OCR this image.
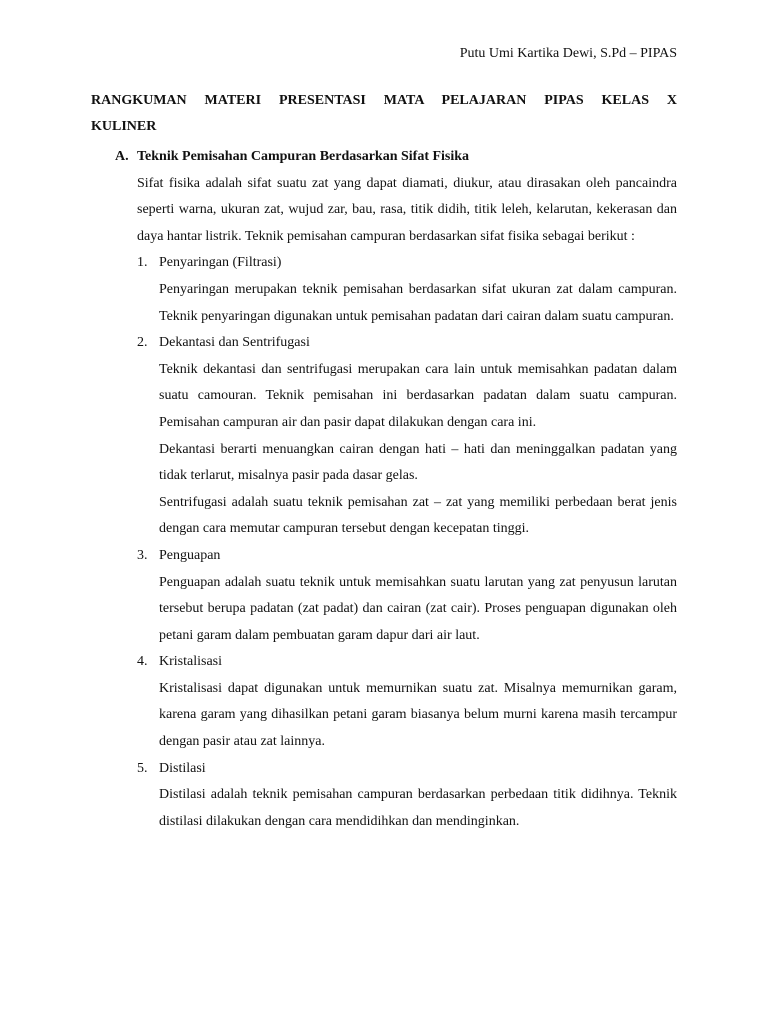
Putu Umi Kartika Dewi, S.Pd – PIPAS
RANGKUMAN MATERI PRESENTASI MATA PELAJARAN PIPAS KELAS X KULINER
A. Teknik Pemisahan Campuran Berdasarkan Sifat Fisika
Sifat fisika adalah sifat suatu zat yang dapat diamati, diukur, atau dirasakan oleh pancaindra seperti warna, ukuran zat, wujud zar, bau, rasa, titik didih, titik leleh, kelarutan, kekerasan dan daya hantar listrik. Teknik pemisahan campuran berdasarkan sifat fisika sebagai berikut :
1. Penyaringan (Filtrasi)
Penyaringan merupakan teknik pemisahan berdasarkan sifat ukuran zat dalam campuran. Teknik penyaringan digunakan untuk pemisahan padatan dari cairan dalam suatu campuran.
2. Dekantasi dan Sentrifugasi
Teknik dekantasi dan sentrifugasi merupakan cara lain untuk memisahkan padatan dalam suatu camouran. Teknik pemisahan ini berdasarkan padatan dalam suatu campuran. Pemisahan campuran air dan pasir dapat dilakukan dengan cara ini.
Dekantasi berarti menuangkan cairan dengan hati – hati dan meninggalkan padatan yang tidak terlarut, misalnya pasir pada dasar gelas.
Sentrifugasi adalah suatu teknik pemisahan zat – zat yang memiliki perbedaan berat jenis dengan cara memutar campuran tersebut dengan kecepatan tinggi.
3. Penguapan
Penguapan adalah suatu teknik untuk memisahkan suatu larutan yang zat penyusun larutan tersebut berupa padatan (zat padat) dan cairan (zat cair). Proses penguapan digunakan oleh petani garam dalam pembuatan garam dapur dari air laut.
4. Kristalisasi
Kristalisasi dapat digunakan untuk memurnikan suatu zat. Misalnya memurnikan garam, karena garam yang dihasilkan petani garam biasanya belum murni karena masih tercampur dengan pasir atau zat lainnya.
5. Distilasi
Distilasi adalah teknik pemisahan campuran berdasarkan perbedaan titik didihnya. Teknik distilasi dilakukan dengan cara mendidihkan dan mendinginkan.
